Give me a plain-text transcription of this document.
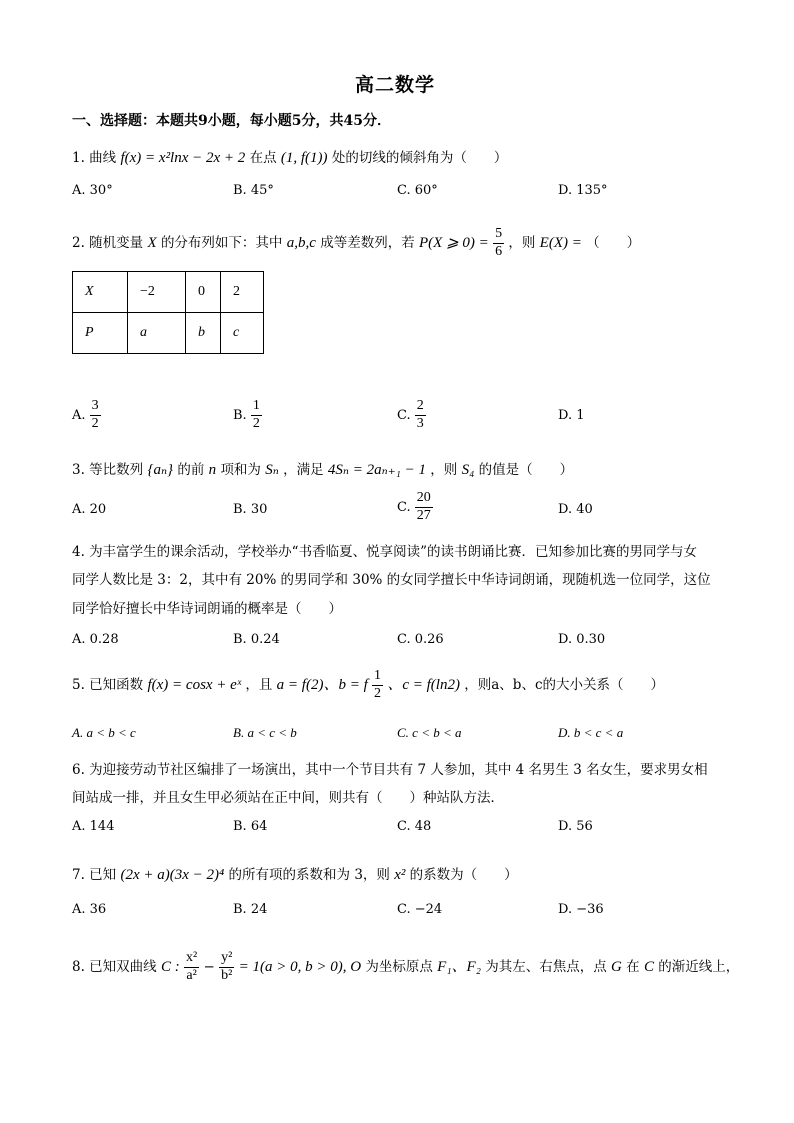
高二数学
一、选择题：本题共9小题，每小题5分，共45分．
1. 曲线 f(x) = x²lnx − 2x + 2 在点 (1, f(1)) 处的切线的倾斜角为（　　）
A. 30°	B. 45°	C. 60°	D. 135°
2. 随机变量 X 的分布列如下：其中 a,b,c 成等差数列，若 P(X ⩾ $0) = \frac{5}{6}$ ，则 E(X) = （　　）
X	−2	0	2
P	a	b	c
A. $\frac{3}{2}$	B. $\frac{1}{2}$	C. $\frac{2}{3}$	D. 1
3. 等比数列 {aₙ} 的前 n 项和为 Sₙ ，满足 4Sₙ = 2aₙ₊₁ − 1 ，则 S₄ 的值是（　　）
A. 20	B. 30	C. $\frac{20}{27}$	D. 40
4. 为丰富学生的课余活动，学校举办“书香临夏、悦享阅读”的读书朗诵比赛．已知参加比赛的男同学与女
同学人数比是 3：2，其中有 20% 的男同学和 30% 的女同学擅长中华诗词朗诵，现随机选一位同学，这位
同学恰好擅长中华诗词朗诵的概率是（　　）
A. 0.28	B. 0.24	C. 0.26	D. 0.30
5. 已知函数 f(x) = cosx + eˣ ，且 a = f(2)、b = f $\frac{1}{2}$ 、c = f(ln2) ，则a、b、c的大小关系（　　）
A. a < b < c	B. a < c < b	C. c < b < a	D. b < c < a
6. 为迎接劳动节社区编排了一场演出，其中一个节目共有 7 人参加，其中 4 名男生 3 名女生，要求男女相
间站成一排，并且女生甲必须站在正中间，则共有（　　）种站队方法．
A. 144	B. 64	C. 48	D. 56
7. 已知 (2x + a)(3x − 2)⁴ 的所有项的系数和为 3，则 x² 的系数为（　　）
A. 36	B. 24	C. −24	D. −36
8. 已知双曲线 C : $\frac{\text{x²}}{\text{a²}} - \frac{\text{y²}}{\text{b²}} = 1(a > 0$, b > 0), O 为坐标原点 F₁、F₂ 为其左、右焦点，点 G 在 C 的渐近线上，
